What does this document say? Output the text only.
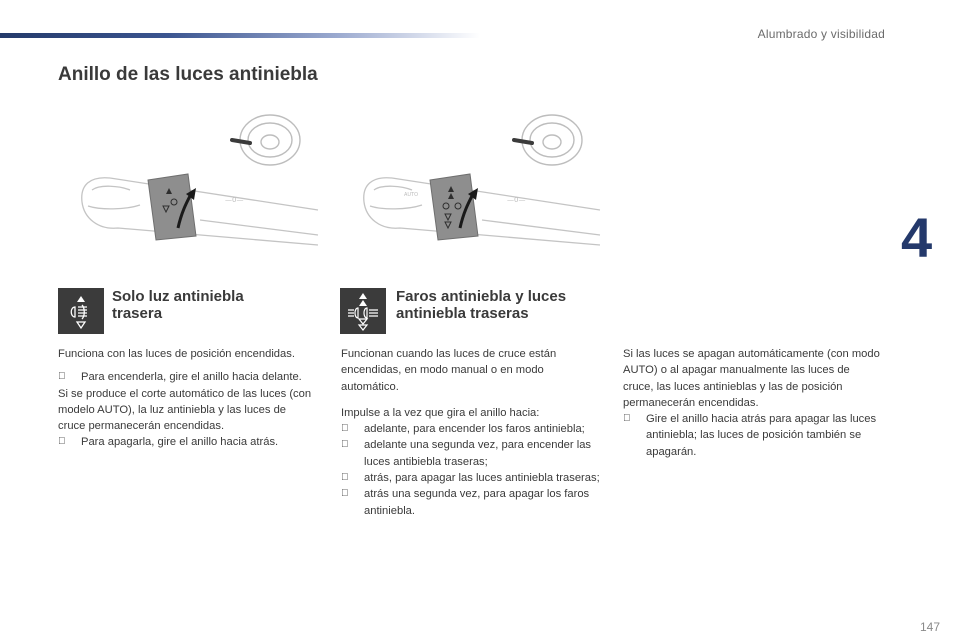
Alumbrado y visibilidad
Anillo de las luces antiniebla
4
147
—0—
AUTO
—0—
Solo luz antiniebla
trasera
Faros antiniebla y luces
antiniebla traseras

Funciona con las luces de posición encendidas.

Para encenderla, gire el anillo hacia delante.

Si se produce el corte automático de las luces (con modelo AUTO), la luz antiniebla y las luces de cruce permanecerán encendidas.

Para apagarla, gire el anillo hacia atrás.

Funcionan cuando las luces de cruce están encendidas, en modo manual o en modo automático.

Impulse a la vez que gira el anillo hacia:

adelante, para encender los faros antiniebla;
adelante una segunda vez, para encender las luces antibiebla traseras;
atrás, para apagar las luces antiniebla traseras;
atrás una segunda vez, para apagar los faros antiniebla.

Si las luces se apagan automáticamente (con modo AUTO) o al apagar manualmente las luces de cruce, las luces antinieblas y las de posición permanecerán encendidas.

Gire el anillo hacia atrás para apagar las luces antiniebla; las luces de posición también se apagarán.
